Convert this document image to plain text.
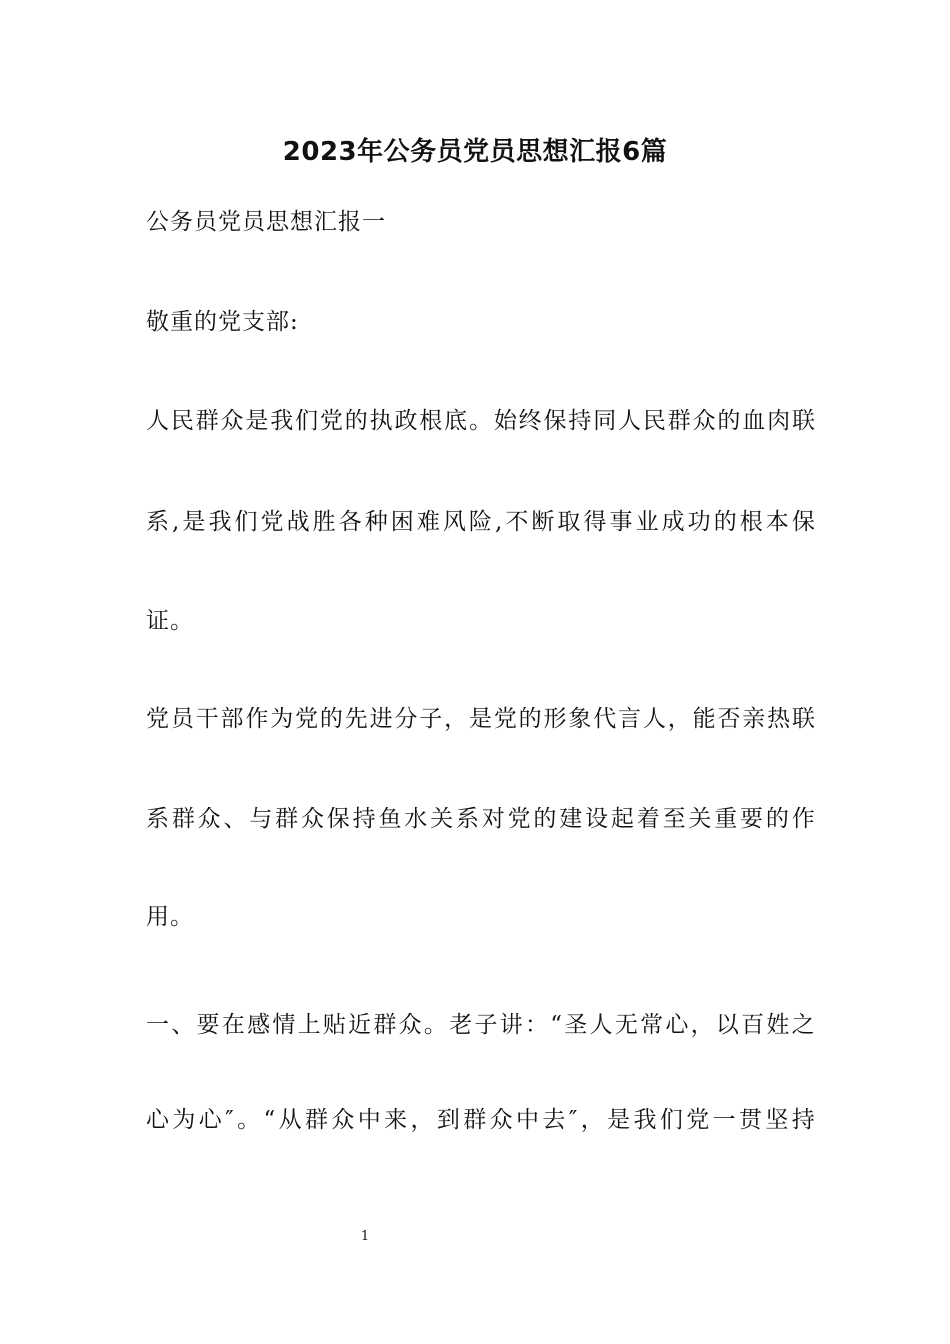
2023年公务员党员思想汇报6篇
公务员党员思想汇报一
敬重的党支部:
人 民 群 众 是 我 们 党 的 执 政 根 底 。 始 终 保 持 同 人 民 群 众 的 血 肉 联
系 , 是 我 们 党 战 胜 各 种 困 难 风 险 , 不 断 取 得 事 业 成 功 的 根 本 保
证。
党 员 干 部 作 为 党 的 先 进 分 子 ， 是 党 的 形 象 代 言 人 ， 能 否 亲 热 联
系 群 众 、 与 群 众 保 持 鱼 水 关 系 对 党 的 建 设 起 着 至 关 重 要 的 作
用。
一 、 要 在 感 情 上 贴 近 群 众 。 老 子 讲 ： “ 圣 人 无 常 心 ， 以 百 姓 之
心 为 心 ″ 。 “ 从 群 众 中 来 ， 到 群 众 中 去 ″ ， 是 我 们 党 一 贯 坚 持
1
